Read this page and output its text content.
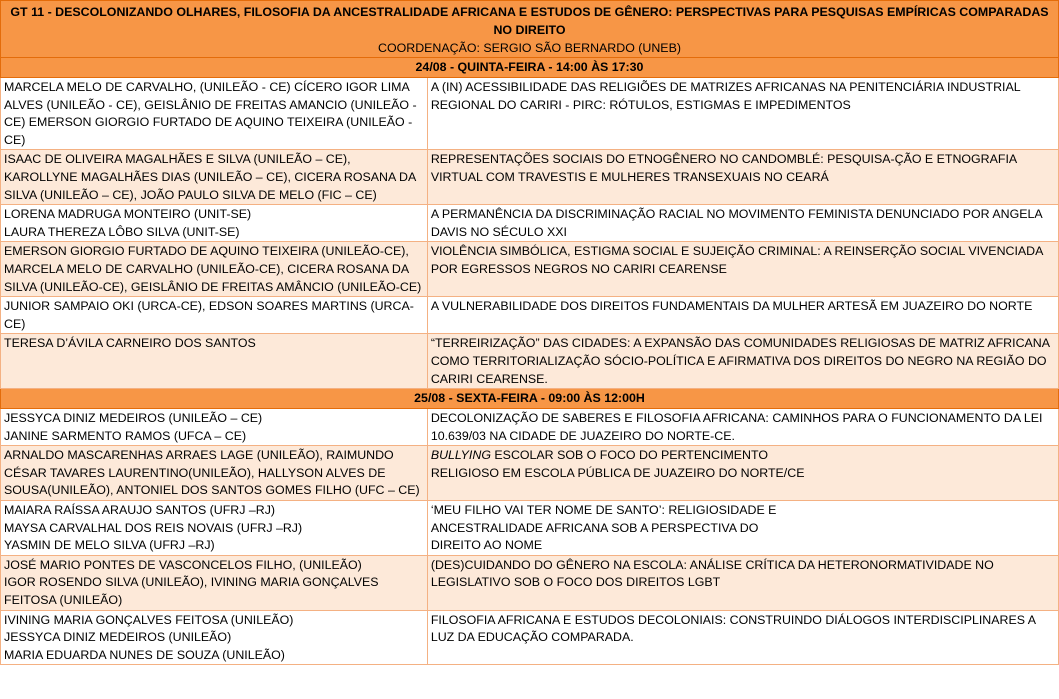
GT 11 - DESCOLONIZANDO OLHARES, FILOSOFIA DA ANCESTRALIDADE AFRICANA E ESTUDOS DE GÊNERO: PERSPECTIVAS PARA PESQUISAS EMPÍRICAS COMPARADAS NO DIREITO
COORDENAÇÃO: SERGIO SÃO BERNARDO (UNEB)	

24/08 - QUINTA-FEIRA - 14:00 ÀS 17:30	

MARCELA MELO DE CARVALHO, (UNILEÃO - CE) CÍCERO IGOR LIMA ALVES (UNILEÃO - CE), GEISLÂNIO DE FREITAS AMANCIO (UNILEÃO - CE) EMERSON GIORGIO FURTADO DE AQUINO TEIXEIRA (UNILEÃO - CE)	A (IN) ACESSIBILIDADE DAS RELIGIÕES DE MATRIZES AFRICANAS NA PENITENCIÁRIA INDUSTRIAL REGIONAL DO CARIRI - PIRC: RÓTULOS, ESTIGMAS E IMPEDIMENTOS

ISAAC DE OLIVEIRA MAGALHÃES E SILVA (UNILEÃO – CE), KAROLLYNE MAGALHÃES DIAS (UNILEÃO – CE), CICERA ROSANA DA SILVA (UNILEÃO – CE), JOÃO PAULO SILVA DE MELO (FIC – CE)	REPRESENTAÇÕES SOCIAIS DO ETNOGÊNERO NO CANDOMBLÉ: PESQUISA-ÇÃO E ETNOGRAFIA VIRTUAL COM TRAVESTIS E MULHERES TRANSEXUAIS NO CEARÁ

LORENA MADRUGA MONTEIRO (UNIT-SE)
LAURA THEREZA LÔBO SILVA (UNIT-SE)	A PERMANÊNCIA DA DISCRIMINAÇÃO RACIAL NO MOVIMENTO FEMINISTA DENUNCIADO POR ANGELA DAVIS NO SÉCULO XXI

EMERSON GIORGIO FURTADO DE AQUINO TEIXEIRA (UNILEÃO-CE), MARCELA MELO DE CARVALHO (UNILEÃO-CE), CICERA ROSANA DA SILVA (UNILEÃO-CE), GEISLÂNIO DE FREITAS AMÂNCIO (UNILEÃO-CE)	VIOLÊNCIA SIMBÓLICA, ESTIGMA SOCIAL E SUJEIÇÃO CRIMINAL: A REINSERÇÃO SOCIAL VIVENCIADA POR EGRESSOS NEGROS NO CARIRI CEARENSE

JUNIOR SAMPAIO OKI (URCA-CE), EDSON SOARES MARTINS (URCA-CE)	A VULNERABILIDADE DOS DIREITOS FUNDAMENTAIS DA MULHER ARTESÃ EM JUAZEIRO DO NORTE

TERESA D’ÁVILA CARNEIRO DOS SANTOS	“TERREIRIZAÇÃO” DAS CIDADES: A EXPANSÃO DAS COMUNIDADES RELIGIOSAS DE MATRIZ AFRICANA COMO TERRITORIALIZAÇÃO SÓCIO-POLÍTICA E AFIRMATIVA DOS DIREITOS DO NEGRO NA REGIÃO DO CARIRI CEARENSE.

25/08 - SEXTA-FEIRA - 09:00 ÀS 12:00H	

JESSYCA DINIZ MEDEIROS (UNILEÃO – CE)
JANINE SARMENTO RAMOS (UFCA – CE)	DECOLONIZAÇÃO DE SABERES E FILOSOFIA AFRICANA: CAMINHOS PARA O FUNCIONAMENTO DA LEI 10.639/03 NA CIDADE DE JUAZEIRO DO NORTE-CE.

ARNALDO MASCARENHAS ARRAES LAGE (UNILEÃO), RAIMUNDO CÉSAR TAVARES LAURENTINO(UNILEÃO), HALLYSON ALVES DE SOUSA(UNILEÃO), ANTONIEL DOS SANTOS GOMES FILHO (UFC – CE)	BULLYING ESCOLAR SOB O FOCO DO PERTENCIMENTO
RELIGIOSO EM ESCOLA PÚBLICA DE JUAZEIRO DO NORTE/CE

MAIARA RAÍSSA ARAUJO SANTOS (UFRJ –RJ)
MAYSA CARVALHAL DOS REIS NOVAIS (UFRJ –RJ)
YASMIN DE MELO SILVA (UFRJ –RJ)	‘MEU FILHO VAI TER NOME DE SANTO’: RELIGIOSIDADE E
ANCESTRALIDADE AFRICANA SOB A PERSPECTIVA DO
DIREITO AO NOME

JOSÉ MARIO PONTES DE VASCONCELOS FILHO, (UNILEÃO)
IGOR ROSENDO SILVA (UNILEÃO), IVINING MARIA GONÇALVES FEITOSA (UNILEÃO)	(DES)CUIDANDO DO GÊNERO NA ESCOLA: ANÁLISE CRÍTICA DA HETERONORMATIVIDADE NO LEGISLATIVO SOB O FOCO DOS DIREITOS LGBT

IVINING MARIA GONÇALVES FEITOSA (UNILEÃO)
JESSYCA DINIZ MEDEIROS (UNILEÃO)
MARIA EDUARDA NUNES DE SOUZA (UNILEÃO)	FILOSOFIA AFRICANA E ESTUDOS DECOLONIAIS: CONSTRUINDO DIÁLOGOS INTERDISCIPLINARES A LUZ DA EDUCAÇÃO COMPARADA.
